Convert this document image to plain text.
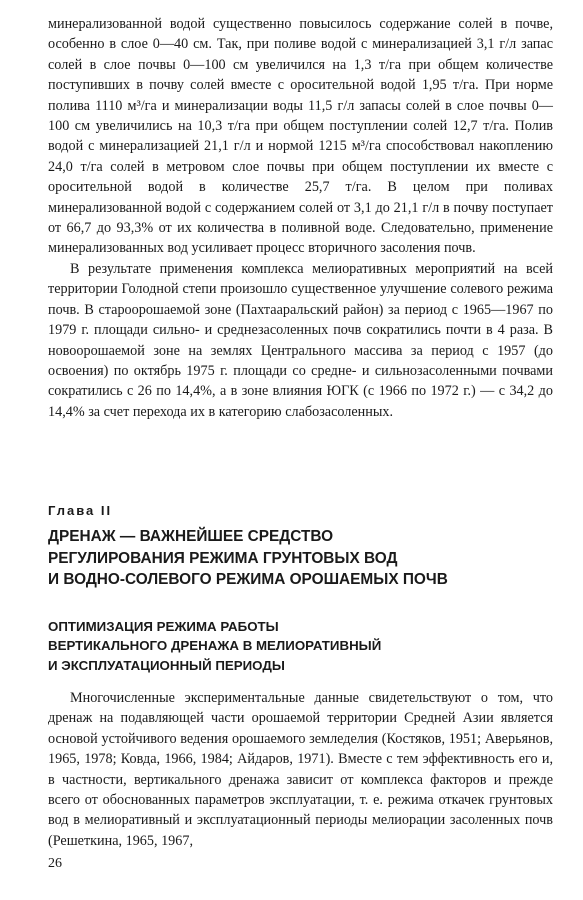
минерализованной водой существенно повысилось содержание солей в почве, особенно в слое 0—40 см. Так, при поливе водой с минерализацией 3,1 г/л запас солей в слое почвы 0—100 см увеличился на 1,3 т/га при общем количестве поступивших в почву солей вместе с оросительной водой 1,95 т/га. При норме полива 1110 м³/га и минерализации воды 11,5 г/л запасы солей в слое почвы 0—100 см увеличились на 10,3 т/га при общем поступлении солей 12,7 т/га. Полив водой с минерализацией 21,1 г/л и нормой 1215 м³/га способствовал накоплению 24,0 т/га солей в метровом слое почвы при общем поступлении их вместе с оросительной водой в количестве 25,7 т/га. В целом при поливах минерализованной водой с содержанием солей от 3,1 до 21,1 г/л в почву поступает от 66,7 до 93,3% от их количества в поливной воде. Следовательно, применение минерализованных вод усиливает процесс вторичного засоления почв.

В результате применения комплекса мелиоративных мероприятий на всей территории Голодной степи произошло существенное улучшение солевого режима почв. В староорошаемой зоне (Пахтааральский район) за период с 1965—1967 по 1979 г. площади сильно- и среднезасоленных почв сократились почти в 4 раза. В новоорошаемой зоне на землях Центрального массива за период с 1957 (до освоения) по октябрь 1975 г. площади со средне- и сильнозасоленными почвами сократились с 26 по 14,4%, а в зоне влияния ЮГК (с 1966 по 1972 г.) — с 34,2 до 14,4% за счет перехода их в категорию слабозасоленных.

Глава II
ДРЕНАЖ — ВАЖНЕЙШЕЕ СРЕДСТВО
РЕГУЛИРОВАНИЯ РЕЖИМА ГРУНТОВЫХ ВОД
И ВОДНО-СОЛЕВОГО РЕЖИМА ОРОШАЕМЫХ ПОЧВ
ОПТИМИЗАЦИЯ РЕЖИМА РАБОТЫ
ВЕРТИКАЛЬНОГО ДРЕНАЖА В МЕЛИОРАТИВНЫЙ
И ЭКСПЛУАТАЦИОННЫЙ ПЕРИОДЫ

Многочисленные экспериментальные данные свидетельствуют о том, что дренаж на подавляющей части орошаемой территории Средней Азии является основой устойчивого ведения орошаемого земледелия (Костяков, 1951; Аверьянов, 1965, 1978; Ковда, 1966, 1984; Айдаров, 1971). Вместе с тем эффективность его и, в частности, вертикального дренажа зависит от комплекса факторов и прежде всего от обоснованных параметров эксплуатации, т. е. режима откачек грунтовых вод в мелиоративный и эксплуатационный периоды мелиорации засоленных почв (Решеткина, 1965, 1967,

26
